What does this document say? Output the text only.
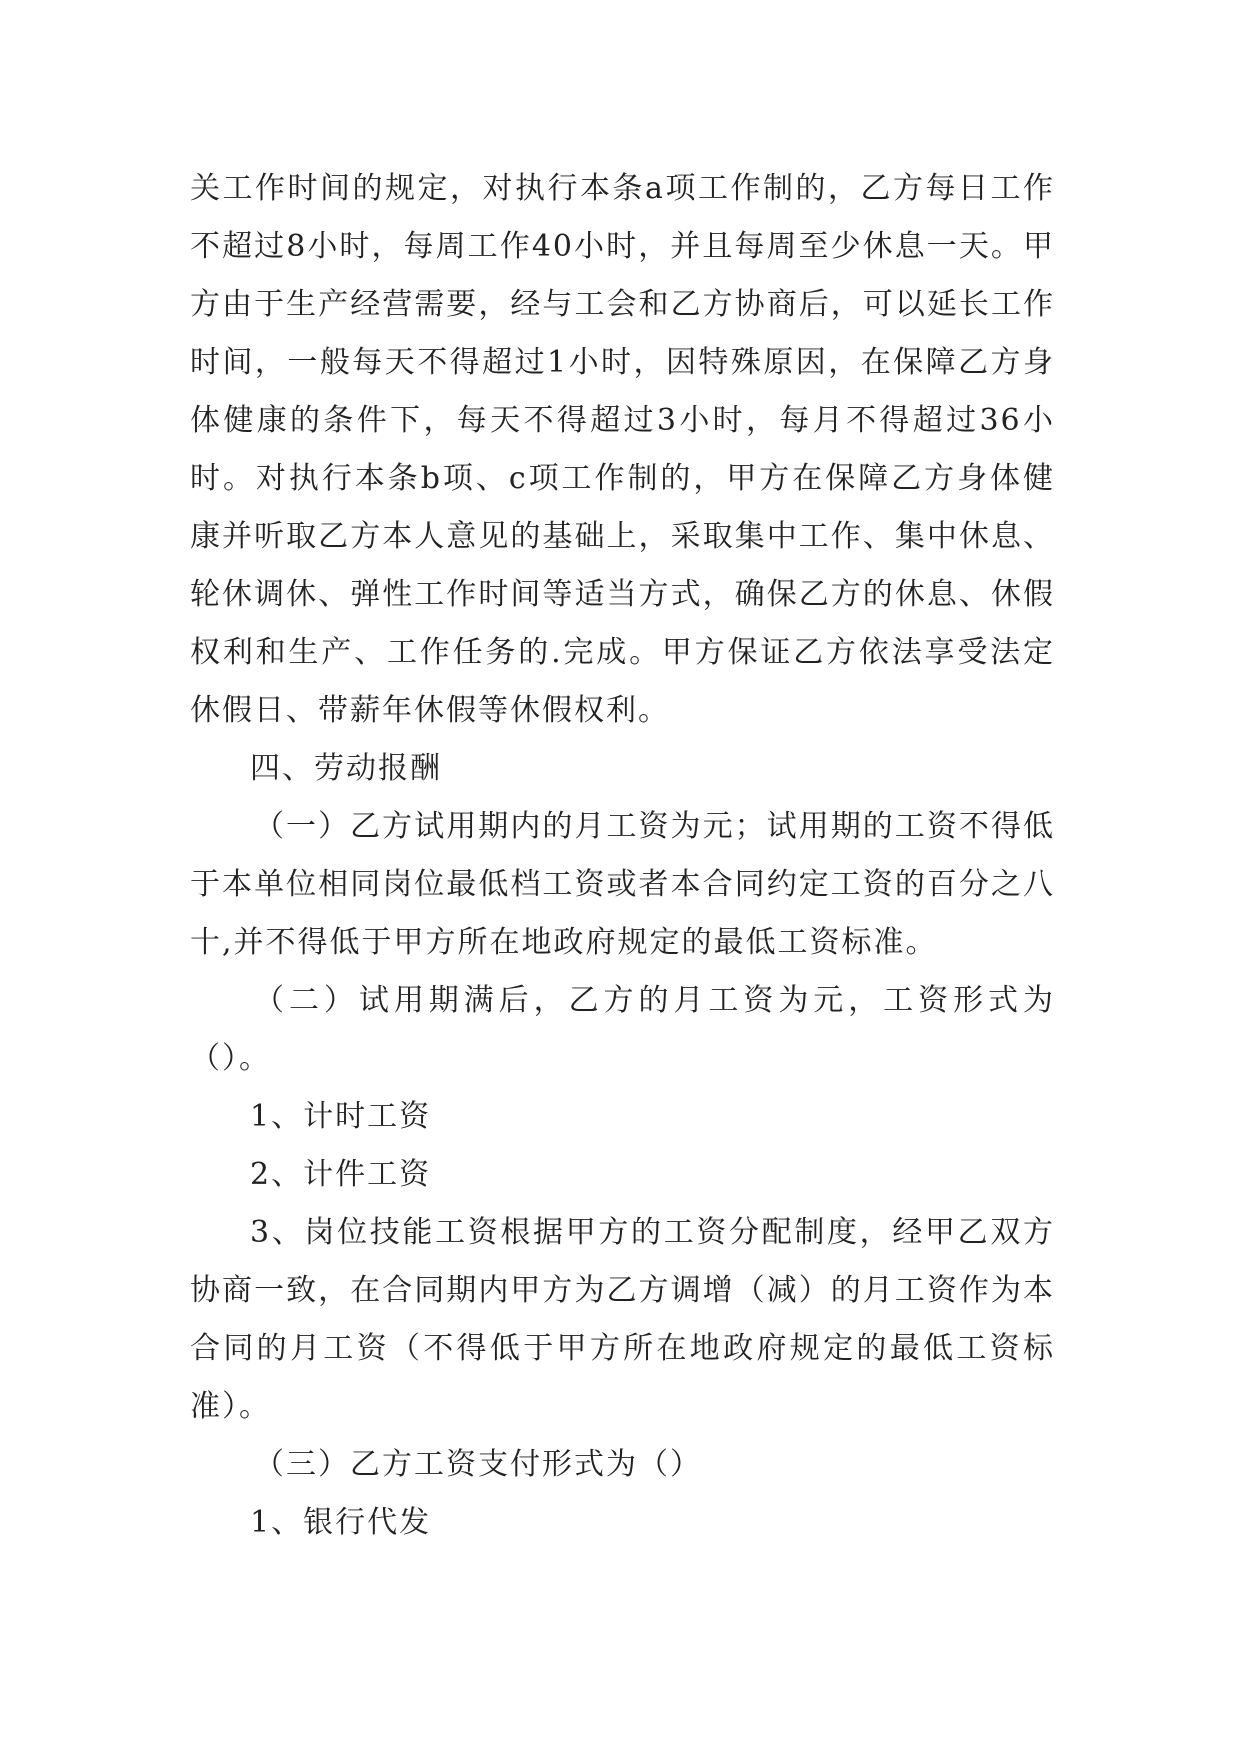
关工作时间的规定，对执行本条a项工作制的，乙方每日工作不超过8小时，每周工作40小时，并且每周至少休息一天。甲方由于生产经营需要，经与工会和乙方协商后，可以延长工作时间，一般每天不得超过1小时，因特殊原因，在保障乙方身体健康的条件下，每天不得超过3小时，每月不得超过36小时。对执行本条b项、c项工作制的，甲方在保障乙方身体健康并听取乙方本人意见的基础上，采取集中工作、集中休息、轮休调休、弹性工作时间等适当方式，确保乙方的休息、休假权利和生产、工作任务的.完成。甲方保证乙方依法享受法定休假日、带薪年休假等休假权利。

四、劳动报酬

（一）乙方试用期内的月工资为元；试用期的工资不得低于本单位相同岗位最低档工资或者本合同约定工资的百分之八十,并不得低于甲方所在地政府规定的最低工资标准。

（二）试用期满后，乙方的月工资为元，工资形式为（）。

1、计时工资

2、计件工资

3、岗位技能工资根据甲方的工资分配制度，经甲乙双方协商一致，在合同期内甲方为乙方调增（减）的月工资作为本合同的月工资（不得低于甲方所在地政府规定的最低工资标准）。

（三）乙方工资支付形式为（）

1、银行代发
